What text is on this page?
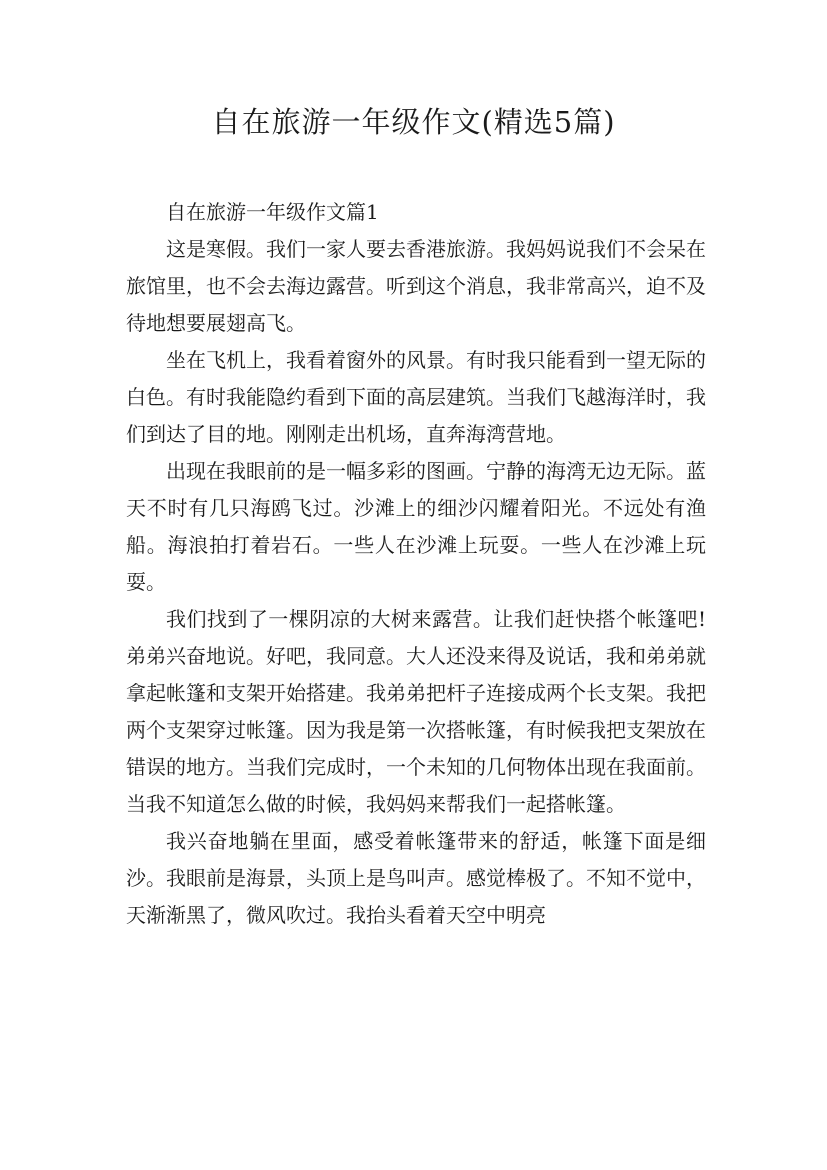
自在旅游一年级作文(精选5篇)

自在旅游一年级作文篇1

这是寒假。我们一家人要去香港旅游。我妈妈说我们不会呆在旅馆里，也不会去海边露营。听到这个消息，我非常高兴，迫不及待地想要展翅高飞。

坐在飞机上，我看着窗外的风景。有时我只能看到一望无际的白色。有时我能隐约看到下面的高层建筑。当我们飞越海洋时，我们到达了目的地。刚刚走出机场，直奔海湾营地。

出现在我眼前的是一幅多彩的图画。宁静的海湾无边无际。蓝天不时有几只海鸥飞过。沙滩上的细沙闪耀着阳光。不远处有渔船。海浪拍打着岩石。一些人在沙滩上玩耍。一些人在沙滩上玩耍。

我们找到了一棵阴凉的大树来露营。让我们赶快搭个帐篷吧!弟弟兴奋地说。好吧，我同意。大人还没来得及说话，我和弟弟就拿起帐篷和支架开始搭建。我弟弟把杆子连接成两个长支架。我把两个支架穿过帐篷。因为我是第一次搭帐篷，有时候我把支架放在错误的地方。当我们完成时，一个未知的几何物体出现在我面前。当我不知道怎么做的时候，我妈妈来帮我们一起搭帐篷。

我兴奋地躺在里面，感受着帐篷带来的舒适，帐篷下面是细沙。我眼前是海景，头顶上是鸟叫声。感觉棒极了。不知不觉中，天渐渐黑了，微风吹过。我抬头看着天空中明亮
